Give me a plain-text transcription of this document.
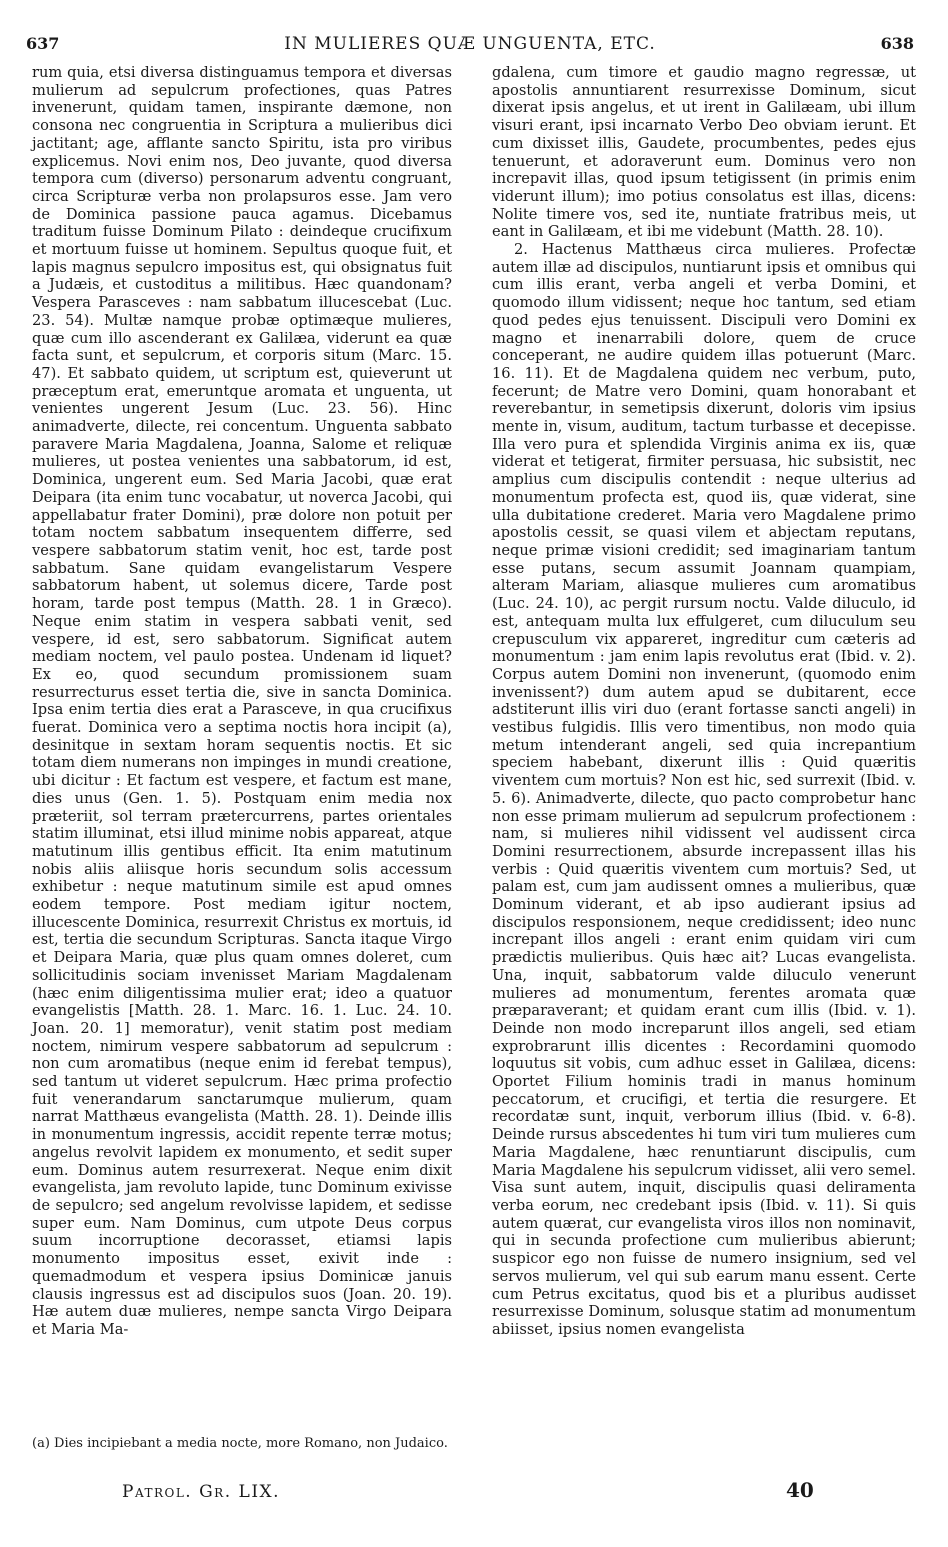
637	IN MULIERES QUÆ UNGUENTA, ETC.	638

rum quia, etsi diversa distinguamus tempora et diversas mulierum ad sepulcrum profectiones, quas Patres invenerunt, quidam tamen, inspirante dæmone, non consona nec congruentia in Scriptura a mulieribus dici jactitant; age, afflante sancto Spiritu, ista pro viribus explicemus. Novi enim nos, Deo juvante, quod diversa tempora cum (diverso) personarum adventu congruant, circa Scripturæ verba non prolapsuros esse. Jam vero de Dominica passione pauca agamus. Dicebamus traditum fuisse Dominum Pilato : deindeque crucifixum et mortuum fuisse ut hominem. Sepultus quoque fuit, et lapis magnus sepulcro impositus est, qui obsignatus fuit a Judæis, et custoditus a militibus. Hæc quandonam? Vespera Parasceves : nam sabbatum illucescebat (Luc. 23. 54). Multæ namque probæ optimæque mulieres, quæ cum illo ascenderant ex Galilæa, viderunt ea quæ facta sunt, et sepulcrum, et corporis situm (Marc. 15. 47). Et sabbato quidem, ut scriptum est, quieverunt ut præceptum erat, emeruntque aromata et unguenta, ut venientes ungerent Jesum (Luc. 23. 56). Hinc animadverte, dilecte, rei concentum. Unguenta sabbato paravere Maria Magdalena, Joanna, Salome et reliquæ mulieres, ut postea venientes una sabbatorum, id est, Dominica, ungerent eum. Sed Maria Jacobi, quæ erat Deipara (ita enim tunc vocabatur, ut noverca Jacobi, qui appellabatur frater Domini), præ dolore non potuit per totam noctem sabbatum insequentem differre, sed vespere sabbatorum statim venit, hoc est, tarde post sabbatum. Sane quidam evangelistarum Vespere sabbatorum habent, ut solemus dicere, Tarde post horam, tarde post tempus (Matth. 28. 1 in Græco). Neque enim statim in vespera sabbati venit, sed vespere, id est, sero sabbatorum. Significat autem mediam noctem, vel paulo postea. Undenam id liquet? Ex eo, quod secundum promissionem suam resurrecturus esset tertia die, sive in sancta Dominica. Ipsa enim tertia dies erat a Parasceve, in qua crucifixus fuerat. Dominica vero a septima noctis hora incipit (a), desinitque in sextam horam sequentis noctis. Et sic totam diem numerans non impinges in mundi creatione, ubi dicitur : Et factum est vespere, et factum est mane, dies unus (Gen. 1. 5). Postquam enim media nox præteriit, sol terram prætercurrens, partes orientales statim illuminat, etsi illud minime nobis appareat, atque matutinum illis gentibus efficit. Ita enim matutinum nobis aliis aliisque horis secundum solis accessum exhibetur : neque matutinum simile est apud omnes eodem tempore. Post mediam igitur noctem, illucescente Dominica, resurrexit Christus ex mortuis, id est, tertia die secundum Scripturas. Sancta itaque Virgo et Deipara Maria, quæ plus quam omnes doleret, cum sollicitudinis sociam invenisset Mariam Magdalenam (hæc enim diligentissima mulier erat; ideo a quatuor evangelistis [Matth. 28. 1. Marc. 16. 1. Luc. 24. 10. Joan. 20. 1] memoratur), venit statim post mediam noctem, nimirum vespere sabbatorum ad sepulcrum : non cum aromatibus (neque enim id ferebat tempus), sed tantum ut videret sepulcrum. Hæc prima profectio fuit venerandarum sanctarumque mulierum, quam narrat Matthæus evangelista (Matth. 28. 1). Deinde illis in monumentum ingressis, accidit repente terræ motus; angelus revolvit lapidem ex monumento, et sedit super eum. Dominus autem resurrexerat. Neque enim dixit evangelista, jam revoluto lapide, tunc Dominum exivisse de sepulcro; sed angelum revolvisse lapidem, et sedisse super eum. Nam Dominus, cum utpote Deus corpus suum incorruptione decorasset, etiamsi lapis monumento impositus esset, exivit inde : quemadmodum et vespera ipsius Dominicæ januis clausis ingressus est ad discipulos suos (Joan. 20. 19). Hæ autem duæ mulieres, nempe sancta Virgo Deipara et Maria Ma-

gdalena, cum timore et gaudio magno regressæ, ut apostolis annuntiarent resurrexisse Dominum, sicut dixerat ipsis angelus, et ut irent in Galilæam, ubi illum visuri erant, ipsi incarnato Verbo Deo obviam ierunt. Et cum dixisset illis, Gaudete, procumbentes, pedes ejus tenuerunt, et adoraverunt eum. Dominus vero non increpavit illas, quod ipsum tetigissent (in primis enim viderunt illum); imo potius consolatus est illas, dicens: Nolite timere vos, sed ite, nuntiate fratribus meis, ut eant in Galilæam, et ibi me videbunt (Matth. 28. 10).

2. Hactenus Matthæus circa mulieres. Profectæ autem illæ ad discipulos, nuntiarunt ipsis et omnibus qui cum illis erant, verba angeli et verba Domini, et quomodo illum vidissent; neque hoc tantum, sed etiam quod pedes ejus tenuissent. Discipuli vero Domini ex magno et inenarrabili dolore, quem de cruce conceperant, ne audire quidem illas potuerunt (Marc. 16. 11). Et de Magdalena quidem nec verbum, puto, fecerunt; de Matre vero Domini, quam honorabant et reverebantur, in semetipsis dixerunt, doloris vim ipsius mente in, visum, auditum, tactum turbasse et decepisse. Illa vero pura et splendida Virginis anima ex iis, quæ viderat et tetigerat, firmiter persuasa, hic subsistit, nec amplius cum discipulis contendit : neque ulterius ad monumentum profecta est, quod iis, quæ viderat, sine ulla dubitatione crederet. Maria vero Magdalene primo apostolis cessit, se quasi vilem et abjectam reputans, neque primæ visioni credidit; sed imaginariam tantum esse putans, secum assumit Joannam quampiam, alteram Mariam, aliasque mulieres cum aromatibus (Luc. 24. 10), ac pergit rursum noctu. Valde diluculo, id est, antequam multa lux effulgeret, cum diluculum seu crepusculum vix appareret, ingreditur cum cæteris ad monumentum : jam enim lapis revolutus erat (Ibid. v. 2). Corpus autem Domini non invenerunt, (quomodo enim invenissent?) dum autem apud se dubitarent, ecce adstiterunt illis viri duo (erant fortasse sancti angeli) in vestibus fulgidis. Illis vero timentibus, non modo quia metum intenderant angeli, sed quia increpantium speciem habebant, dixerunt illis : Quid quæritis viventem cum mortuis? Non est hic, sed surrexit (Ibid. v. 5. 6). Animadverte, dilecte, quo pacto comprobetur hanc non esse primam mulierum ad sepulcrum profectionem : nam, si mulieres nihil vidissent vel audissent circa Domini resurrectionem, absurde increpassent illas his verbis : Quid quæritis viventem cum mortuis? Sed, ut palam est, cum jam audissent omnes a mulieribus, quæ Dominum viderant, et ab ipso audierant ipsius ad discipulos responsionem, neque credidissent; ideo nunc increpant illos angeli : erant enim quidam viri cum prædictis mulieribus. Quis hæc ait? Lucas evangelista. Una, inquit, sabbatorum valde diluculo venerunt mulieres ad monumentum, ferentes aromata quæ præparaverant; et quidam erant cum illis (Ibid. v. 1). Deinde non modo increparunt illos angeli, sed etiam exprobrarunt illis dicentes : Recordamini quomodo loquutus sit vobis, cum adhuc esset in Galilæa, dicens: Oportet Filium hominis tradi in manus hominum peccatorum, et crucifigi, et tertia die resurgere. Et recordatæ sunt, inquit, verborum illius (Ibid. v. 6-8). Deinde rursus abscedentes hi tum viri tum mulieres cum Maria Magdalene, hæc renuntiarunt discipulis, cum Maria Magdalene his sepulcrum vidisset, alii vero semel. Visa sunt autem, inquit, discipulis quasi deliramenta verba eorum, nec credebant ipsis (Ibid. v. 11). Si quis autem quærat, cur evangelista viros illos non nominavit, qui in secunda profectione cum mulieribus abierunt; suspicor ego non fuisse de numero insignium, sed vel servos mulierum, vel qui sub earum manu essent. Certe cum Petrus excitatus, quod bis et a pluribus audisset resurrexisse Dominum, solusque statim ad monumentum abiisset, ipsius nomen evangelista

(a) Dies incipiebant a media nocte, more Romano, non Judaico.
Patrol. Gr. LIX.	40
